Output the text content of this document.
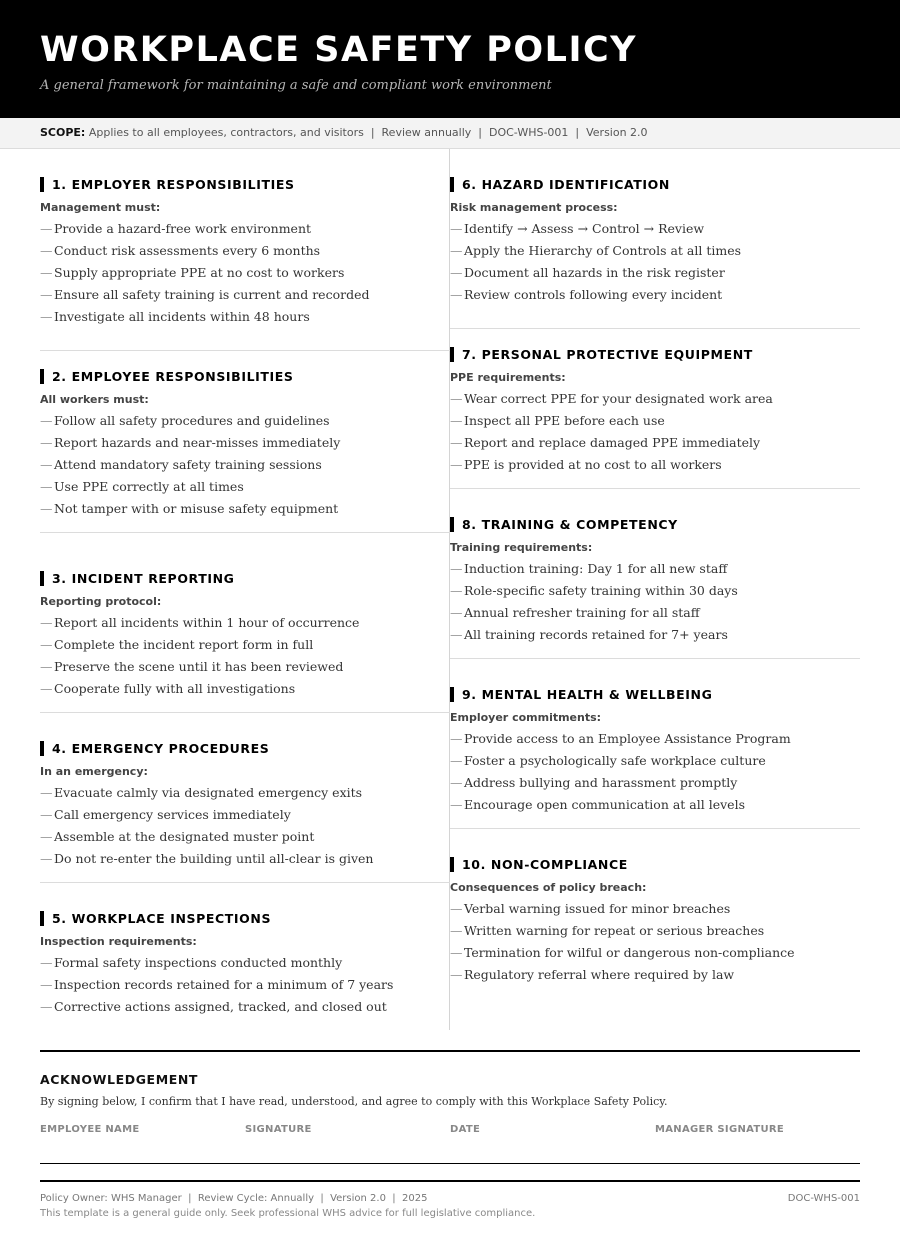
WORKPLACE SAFETY POLICY
A general framework for maintaining a safe and compliant work environment
SCOPE: Applies to all employees, contractors, and visitors  |  Review annually  |  DOC-WHS-001  |  Version 2.0
1. EMPLOYER RESPONSIBILITIES
Management must:
— Provide a hazard-free work environment
— Conduct risk assessments every 6 months
— Supply appropriate PPE at no cost to workers
— Ensure all safety training is current and recorded
— Investigate all incidents within 48 hours
2. EMPLOYEE RESPONSIBILITIES
All workers must:
— Follow all safety procedures and guidelines
— Report hazards and near-misses immediately
— Attend mandatory safety training sessions
— Use PPE correctly at all times
— Not tamper with or misuse safety equipment
3. INCIDENT REPORTING
Reporting protocol:
— Report all incidents within 1 hour of occurrence
— Complete the incident report form in full
— Preserve the scene until it has been reviewed
— Cooperate fully with all investigations
4. EMERGENCY PROCEDURES
In an emergency:
— Evacuate calmly via designated emergency exits
— Call emergency services immediately
— Assemble at the designated muster point
— Do not re-enter the building until all-clear is given
5. WORKPLACE INSPECTIONS
Inspection requirements:
— Formal safety inspections conducted monthly
— Inspection records retained for a minimum of 7 years
— Corrective actions assigned, tracked, and closed out
6. HAZARD IDENTIFICATION
Risk management process:
— Identify → Assess → Control → Review
— Apply the Hierarchy of Controls at all times
— Document all hazards in the risk register
— Review controls following every incident
7. PERSONAL PROTECTIVE EQUIPMENT
PPE requirements:
— Wear correct PPE for your designated work area
— Inspect all PPE before each use
— Report and replace damaged PPE immediately
— PPE is provided at no cost to all workers
8. TRAINING & COMPETENCY
Training requirements:
— Induction training: Day 1 for all new staff
— Role-specific safety training within 30 days
— Annual refresher training for all staff
— All training records retained for 7+ years
9. MENTAL HEALTH & WELLBEING
Employer commitments:
— Provide access to an Employee Assistance Program
— Foster a psychologically safe workplace culture
— Address bullying and harassment promptly
— Encourage open communication at all levels
10. NON-COMPLIANCE
Consequences of policy breach:
— Verbal warning issued for minor breaches
— Written warning for repeat or serious breaches
— Termination for wilful or dangerous non-compliance
— Regulatory referral where required by law
ACKNOWLEDGEMENT
By signing below, I confirm that I have read, understood, and agree to comply with this Workplace Safety Policy.
EMPLOYEE NAME	SIGNATURE	DATE	MANAGER SIGNATURE
Policy Owner: WHS Manager  |  Review Cycle: Annually  |  Version 2.0  |  2025
This template is a general guide only. Seek professional WHS advice for full legislative compliance.
DOC-WHS-001
